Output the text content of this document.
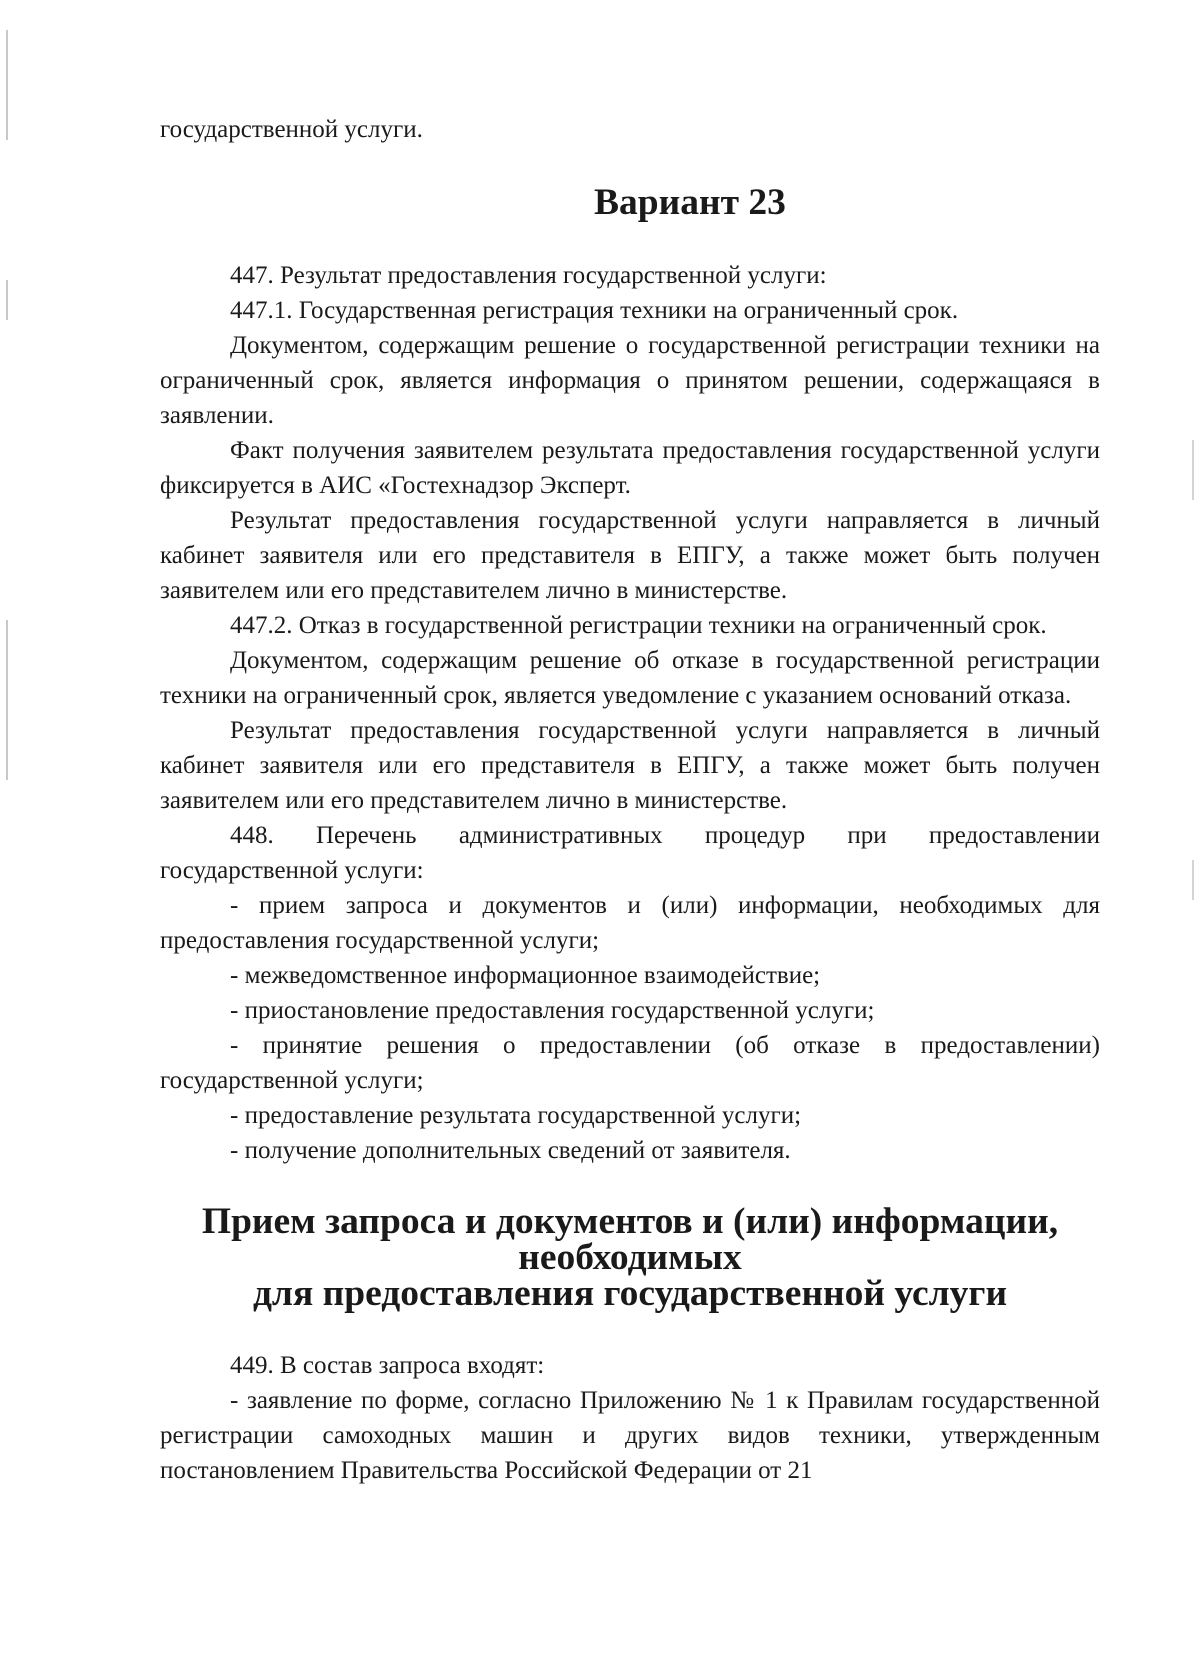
государственной услуги.

Вариант 23

447. Результат предоставления государственной услуги:

447.1. Государственная регистрация техники на ограниченный срок.

Документом, содержащим решение о государственной регистрации техники на ограниченный срок, является информация о принятом решении, содержащаяся в заявлении.

Факт получения заявителем результата предоставления государственной услуги фиксируется в АИС «Гостехнадзор Эксперт.

Результат предоставления государственной услуги направляется в личный кабинет заявителя или его представителя в ЕПГУ, а также может быть получен заявителем или его представителем лично в министерстве.

447.2. Отказ в государственной регистрации техники на ограниченный срок.

Документом, содержащим решение об отказе в государственной регистрации техники на ограниченный срок, является уведомление с указанием оснований отказа.

Результат предоставления государственной услуги направляется в личный кабинет заявителя или его представителя в ЕПГУ, а также может быть получен заявителем или его представителем лично в министерстве.

448. Перечень административных процедур при предоставлении государственной услуги:

- прием запроса и документов и (или) информации, необходимых для предоставления государственной услуги;

- межведомственное информационное взаимодействие;

- приостановление предоставления государственной услуги;

- принятие решения о предоставлении (об отказе в предоставлении) государственной услуги;

- предоставление результата государственной услуги;

- получение дополнительных сведений от заявителя.

Прием запроса и документов и (или) информации, необходимых
для предоставления государственной услуги

449. В состав запроса входят:

- заявление по форме, согласно Приложению № 1 к Правилам государственной регистрации самоходных машин и других видов техники, утвержденным постановлением Правительства Российской Федерации от 21
